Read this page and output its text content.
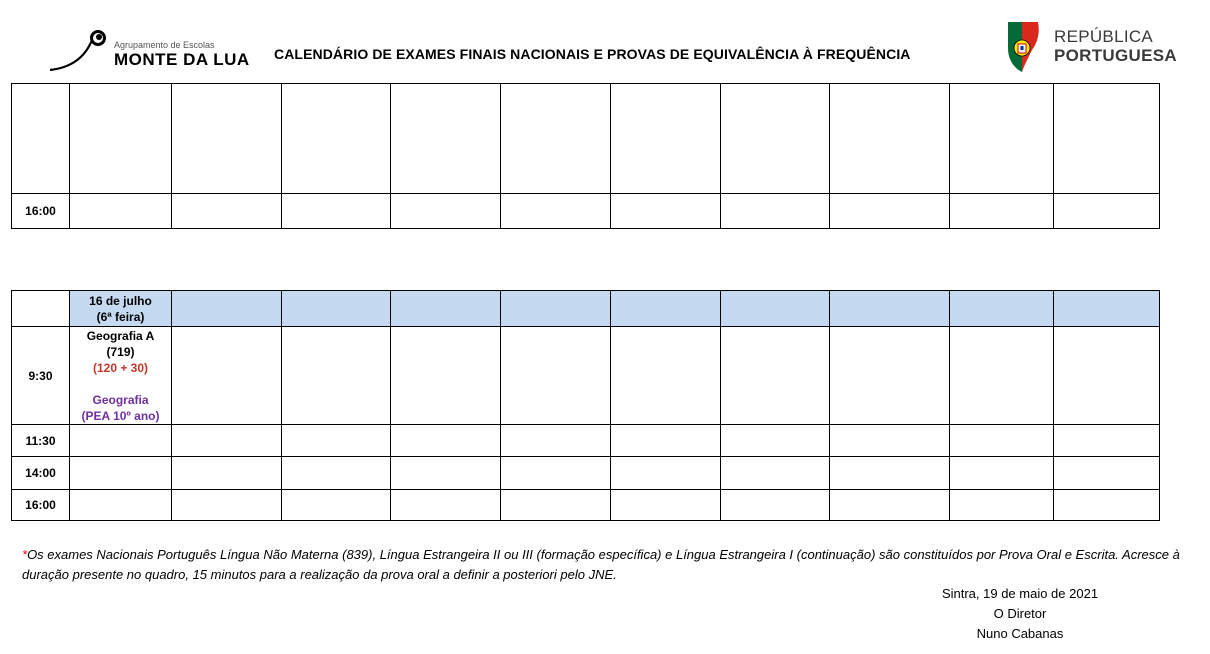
Agrupamento de Escolas
MONTE DA LUA CALENDÁRIO DE EXAMES FINAIS NACIONAIS E PROVAS DE EQUIVALÊNCIA À FREQUÊNCIA
REPÚBLICA
PORTUGUESA

16:00										

	16 de julho
(6ª feira)									

9:30	Geografia A
(719)
(120 + 30)
Geografia
(PEA 10º ano)									

11:30										
14:00										
16:00										
*Os exames Nacionais Português Língua Não Materna (839), Língua Estrangeira II ou III (formação específica) e Língua Estrangeira I (continuação) são constituídos por Prova Oral e Escrita. Acresce à duração presente no quadro, 15 minutos para a realização da prova oral a definir a posteriori pelo JNE.
Sintra, 19 de maio de 2021
O Diretor
Nuno Cabanas
